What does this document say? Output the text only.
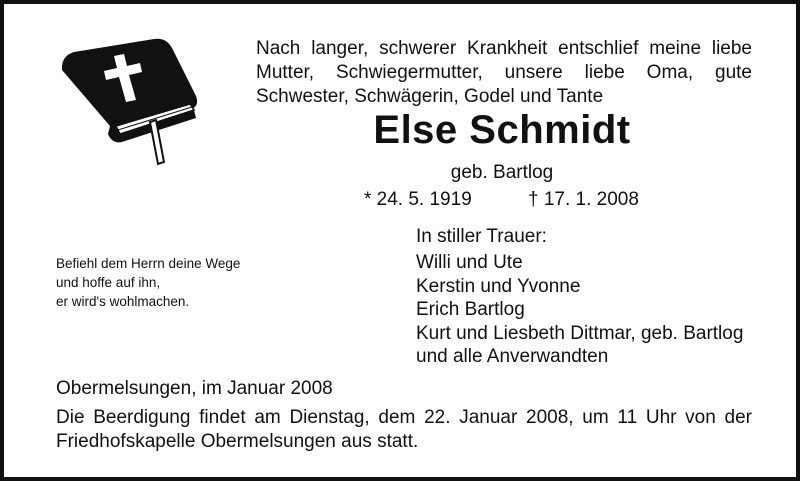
Nach langer, schwerer Krankheit entschlief meine liebe
Mutter, Schwiegermutter, unsere liebe Oma, gute
Schwester, Schwägerin, Godel und Tante
Else Schmidt
geb. Bartlog
* 24. 5. 1919	† 17. 1. 2008
In stiller Trauer:
Willi und Ute
Kerstin und Yvonne
Erich Bartlog
Kurt und Liesbeth Dittmar, geb. Bartlog
und alle Anverwandten
Befiehl dem Herrn deine Wege
und hoffe auf ihn,
er wird's wohlmachen.
Obermelsungen, im Januar 2008
Die Beerdigung findet am Dienstag, dem 22. Januar 2008, um 11 Uhr von der
Friedhofskapelle Obermelsungen aus statt.
